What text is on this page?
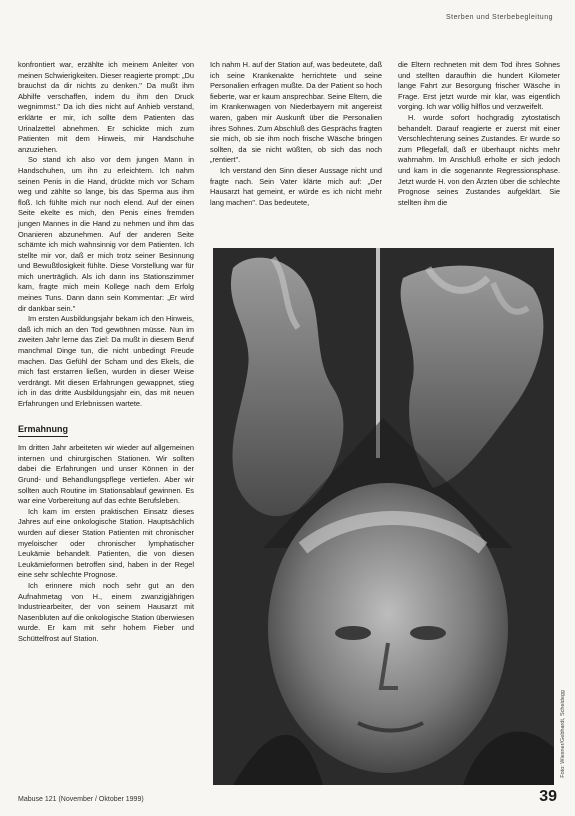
Sterben und Sterbebegleitung

konfrontiert war, erzählte ich meinem Anleiter von meinen Schwierigkeiten. Dieser reagierte prompt: „Du brauchst da dir nichts zu denken." Da mußt ihm Abhilfe verschaffen, indem du ihm den Druck wegnimmst." Da ich dies nicht auf Anhieb verstand, erklärte er mir, ich sollte dem Patienten das Urinalzettel abnehmen. Er schickte mich zum Patienten mit dem Hinweis, mir Handschuhe anzuziehen.

So stand ich also vor dem jungen Mann in Handschuhen, um ihn zu erleichtern. Ich nahm seinen Penis in die Hand, drückte mich vor Scham weg und zählte so lange, bis das Sperma aus ihm floß. Ich fühlte mich nur noch elend. Auf der einen Seite ekelte es mich, den Penis eines fremden jungen Mannes in die Hand zu nehmen und ihm das Onanieren abzunehmen. Auf der anderen Seite schämte ich mich wahnsinnig vor dem Patienten. Ich stellte mir vor, daß er mich trotz seiner Besinnung und Bewußtlosigkeit fühlte. Diese Vorstellung war für mich unerträglich. Als ich dann ins Stationszimmer kam, fragte mich mein Kollege nach dem Erfolg meines Tuns. Dann dann sein Kommentar: „Er wird dir dankbar sein."

Im ersten Ausbildungsjahr bekam ich den Hinweis, daß ich mich an den Tod gewöhnen müsse. Nun im zweiten Jahr lerne das Ziel: Da mußt in diesem Beruf manchmal Dinge tun, die nicht unbedingt Freude machen. Das Gefühl der Scham und des Ekels, die mich fast erstarren ließen, wurden in dieser Weise verdrängt. Mit diesen Erfahrungen gewappnet, stieg ich in das dritte Ausbildungsjahr ein, das mit neuen Erfahrungen und Erlebnissen wartete.

Ermahnung

Im dritten Jahr arbeiteten wir wieder auf allgemeinen internen und chirurgischen Stationen. Wir sollten dabei die Erfahrungen und unser Können in der Grund- und Behandlungspflege vertiefen. Aber wir sollten auch Routine im Stationsablauf gewinnen. Es war eine Vorbereitung auf das echte Berufsleben.

Ich kam im ersten praktischen Einsatz dieses Jahres auf eine onkologische Station. Hauptsächlich wurden auf dieser Station Patienten mit chronischer myeloischer oder chronischer lymphatischer Leukämie behandelt. Patienten, die von diesen Leukämieformen betroffen sind, haben in der Regel eine sehr schlechte Prognose.

Ich erinnere mich noch sehr gut an den Aufnahmetag von H., einem zwanzigjährigen Industriearbeiter, der von seinem Hausarzt mit Nasenbluten auf die onkologische Station überwiesen wurde. Er kam mit sehr hohem Fieber und Schüttelfrost auf Station.

Ich nahm H. auf der Station auf, was bedeutete, daß ich seine Krankenakte herrichtete und seine Personalien erfragen mußte. Da der Patient so hoch fieberte, war er kaum ansprechbar. Seine Eltern, die im Krankenwagen von Niederbayern mit angereist waren, gaben mir Auskunft über die Personalien ihres Sohnes. Zum Abschluß des Gesprächs fragten sie mich, ob sie ihm noch frische Wäsche bringen sollten, da sie nicht wüßten, ob sich das noch „rentiert".

Ich verstand den Sinn dieser Aussage nicht und fragte nach. Sein Vater klärte mich auf: „Der Hausarzt hat gemeint, er würde es ich nicht mehr lang machen". Das bedeutete,

die Eltern rechneten mit dem Tod ihres Sohnes und stellten daraufhin die hundert Kilometer lange Fahrt zur Besorgung frischer Wäsche in Frage. Erst jetzt wurde mir klar, was eigentlich vorging. Ich war völlig hilflos und verzweifelt.

H. wurde sofort hochgradig zytostatisch behandelt. Darauf reagierte er zuerst mit einer Verschlechterung seines Zustandes. Er wurde so zum Pflegefall, daß er überhaupt nichts mehr wahrnahm. Im Anschluß erholte er sich jedoch und kam in die sogenannte Regressionsphase. Jetzt wurde H. von den Ärzten über die schlechte Prognose seines Zustandes aufgeklärt. Sie stellten ihm die

Foto: Wiesner/Gebhardt, Scheidegg
Mabuse 121 (November / Oktober 1999)	39
